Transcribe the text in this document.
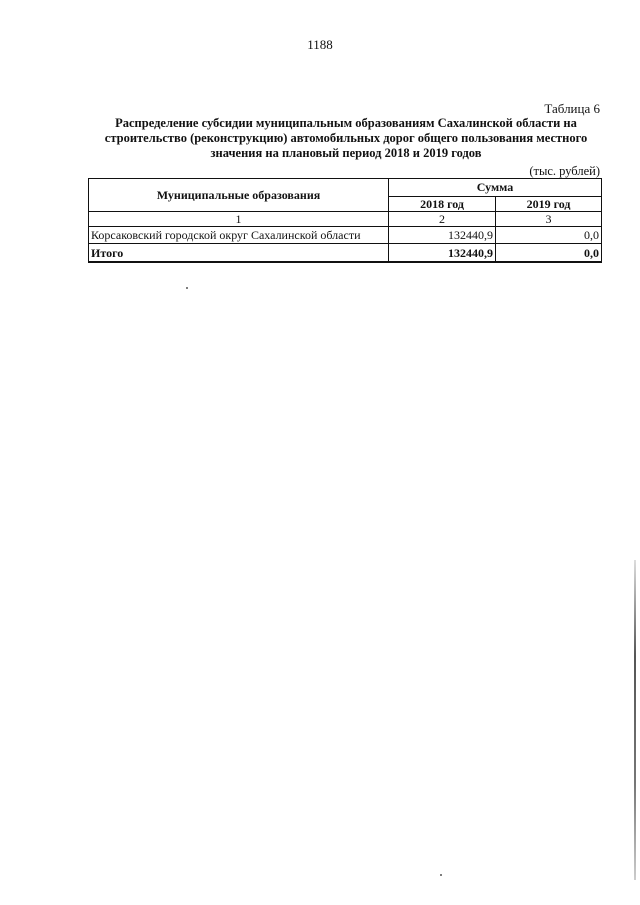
1188
Таблица 6
Распределение субсидии муниципальным образованиям Сахалинской области на
строительство (реконструкцию) автомобильных дорог общего пользования местного
значения на плановый период 2018 и 2019 годов
(тыс. рублей)
Муниципальные образования	Сумма	
	2018 год	2019 год
1	2	3
Корсаковский городской округ Сахалинской области	132440,9	0,0
Итого	132440,9	0,0
